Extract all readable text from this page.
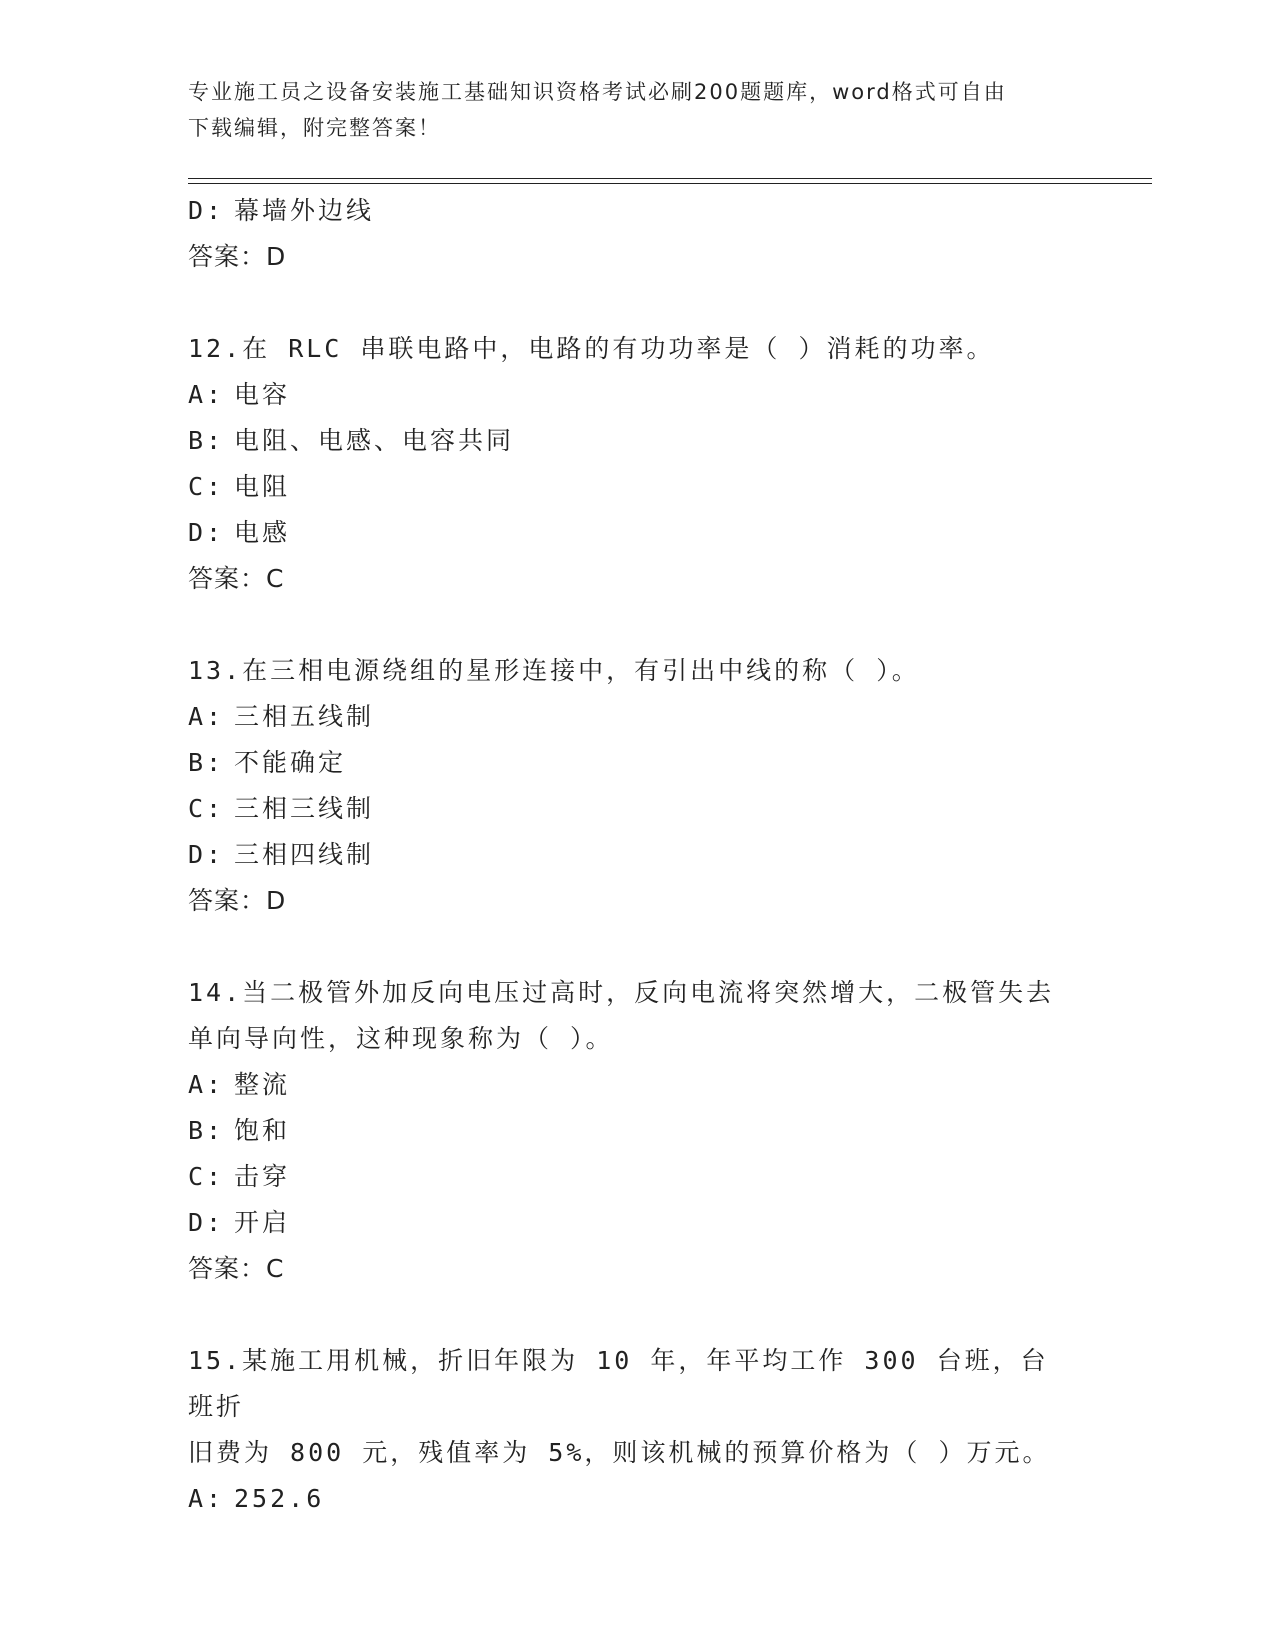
专业施工员之设备安装施工基础知识资格考试必刷200题题库，word格式可自由
下载编辑，附完整答案！
D: 幕墙外边线
答案：D
12.在 RLC 串联电路中，电路的有功功率是（ ）消耗的功率。
A: 电容
B: 电阻、电感、电容共同
C: 电阻
D: 电感
答案：C
13.在三相电源绕组的星形连接中，有引出中线的称（ ）。
A: 三相五线制
B: 不能确定
C: 三相三线制
D: 三相四线制
答案：D
14.当二极管外加反向电压过高时，反向电流将突然增大，二极管失去
单向导向性，这种现象称为（ ）。
A: 整流
B: 饱和
C: 击穿
D: 开启
答案：C
15.某施工用机械，折旧年限为 10 年，年平均工作 300 台班，台班折
旧费为 800 元，残值率为 5%，则该机械的预算价格为（ ）万元。
A: 252.6
